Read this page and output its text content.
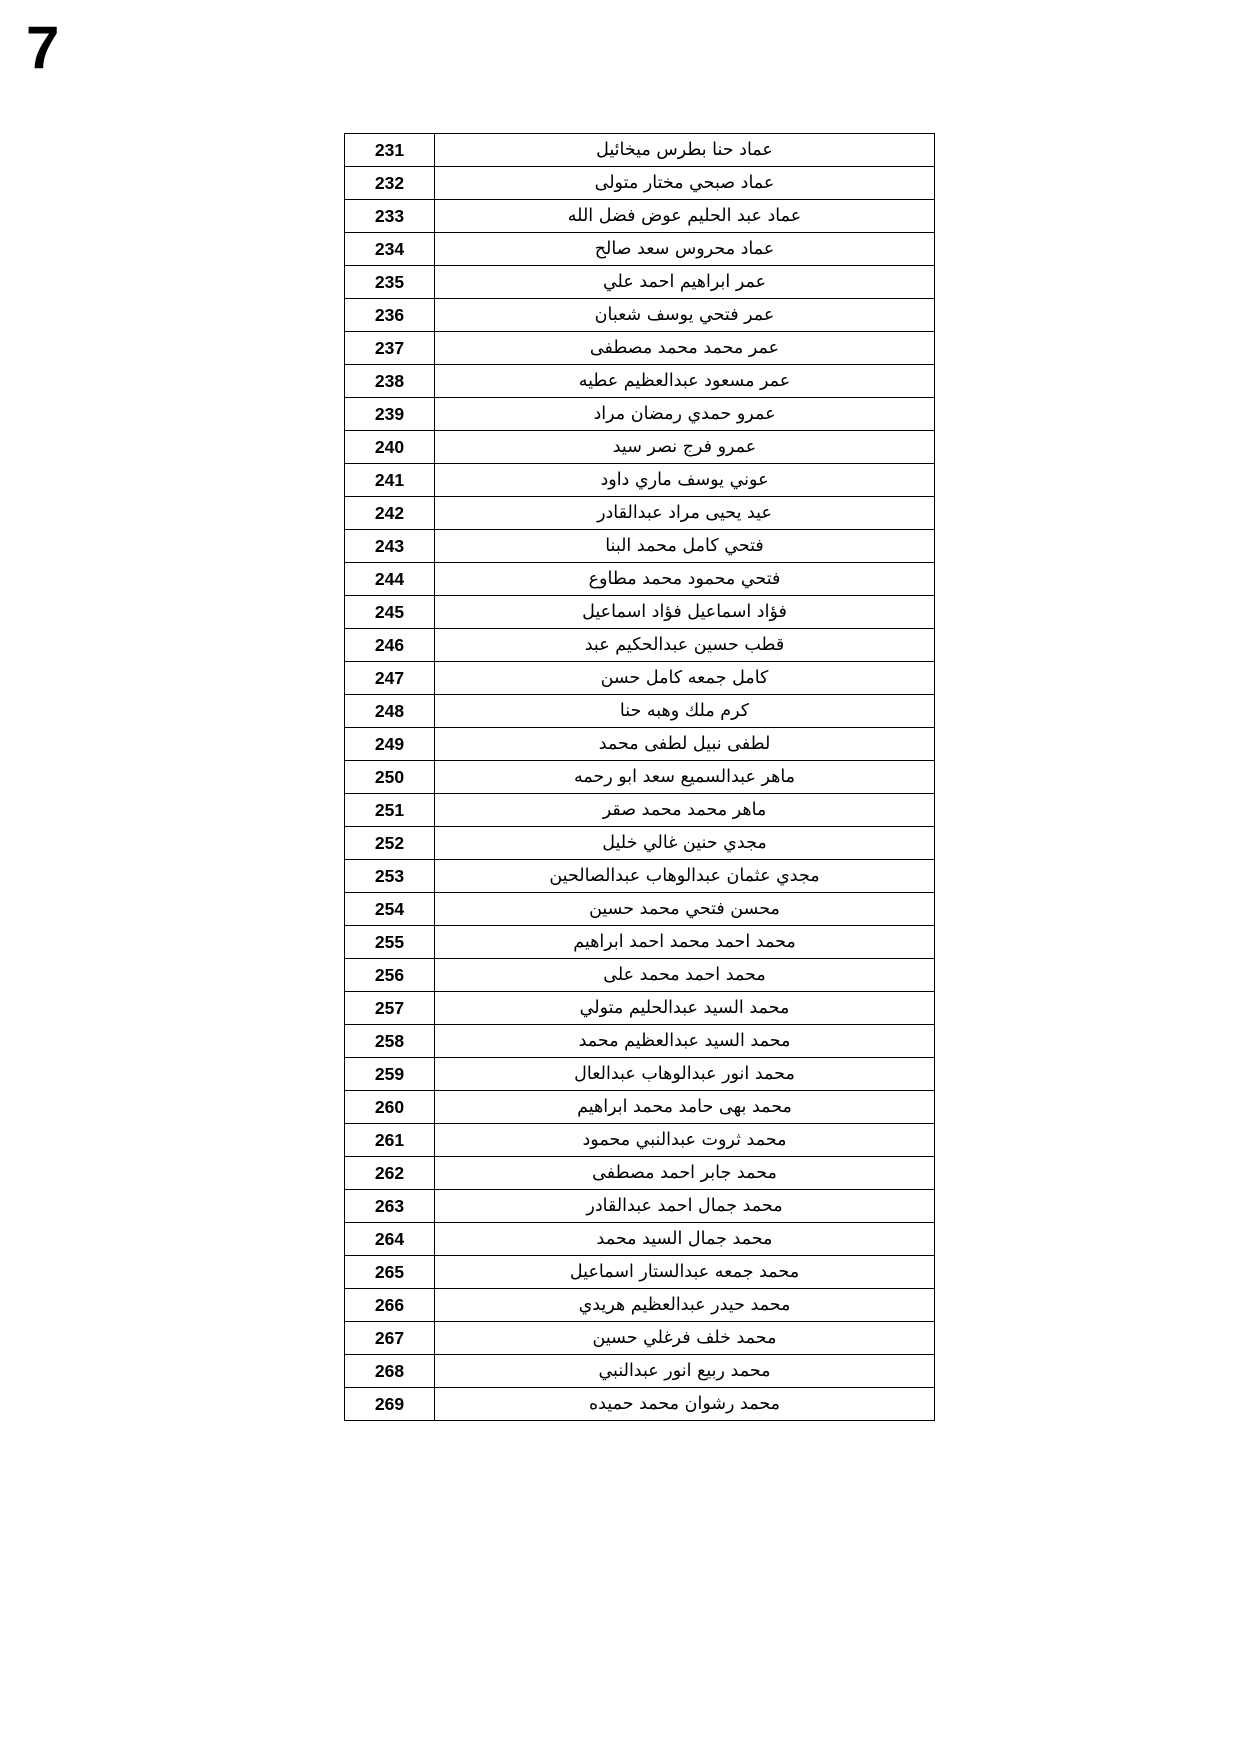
7
عماد حنا بطرس ميخائيل	231
عماد صبحي مختار متولى	232
عماد عبد الحليم عوض فضل الله	233
عماد محروس سعد صالح	234
عمر ابراهيم احمد علي	235
عمر فتحي يوسف شعبان	236
عمر محمد محمد مصطفى	237
عمر مسعود عبدالعظيم عطيه	238
عمرو حمدي رمضان مراد	239
عمرو فرج نصر سيد	240
عوني يوسف ماري داود	241
عيد يحيى مراد عبدالقادر	242
فتحي كامل محمد البنا	243
فتحي محمود محمد مطاوع	244
فؤاد اسماعيل فؤاد اسماعيل	245
قطب حسين عبدالحكيم عبد	246
كامل جمعه كامل حسن	247
كرم ملك وهبه حنا	248
لطفى نبيل لطفى محمد	249
ماهر عبدالسميع سعد ابو رحمه	250
ماهر محمد محمد صقر	251
مجدي حنين غالي خليل	252
مجدي عثمان عبدالوهاب عبدالصالحين	253
محسن فتحي محمد حسين	254
محمد احمد محمد احمد ابراهيم	255
محمد احمد محمد على	256
محمد السيد عبدالحليم متولي	257
محمد السيد عبدالعظيم محمد	258
محمد انور عبدالوهاب عبدالعال	259
محمد بهى حامد محمد ابراهيم	260
محمد ثروت عبدالنبي محمود	261
محمد جابر احمد مصطفى	262
محمد جمال احمد عبدالقادر	263
محمد جمال السيد محمد	264
محمد جمعه عبدالستار اسماعيل	265
محمد حيدر عبدالعظيم هريدي	266
محمد خلف فرغلي حسين	267
محمد ربيع انور عبدالنبي	268
محمد رشوان محمد حميده	269
